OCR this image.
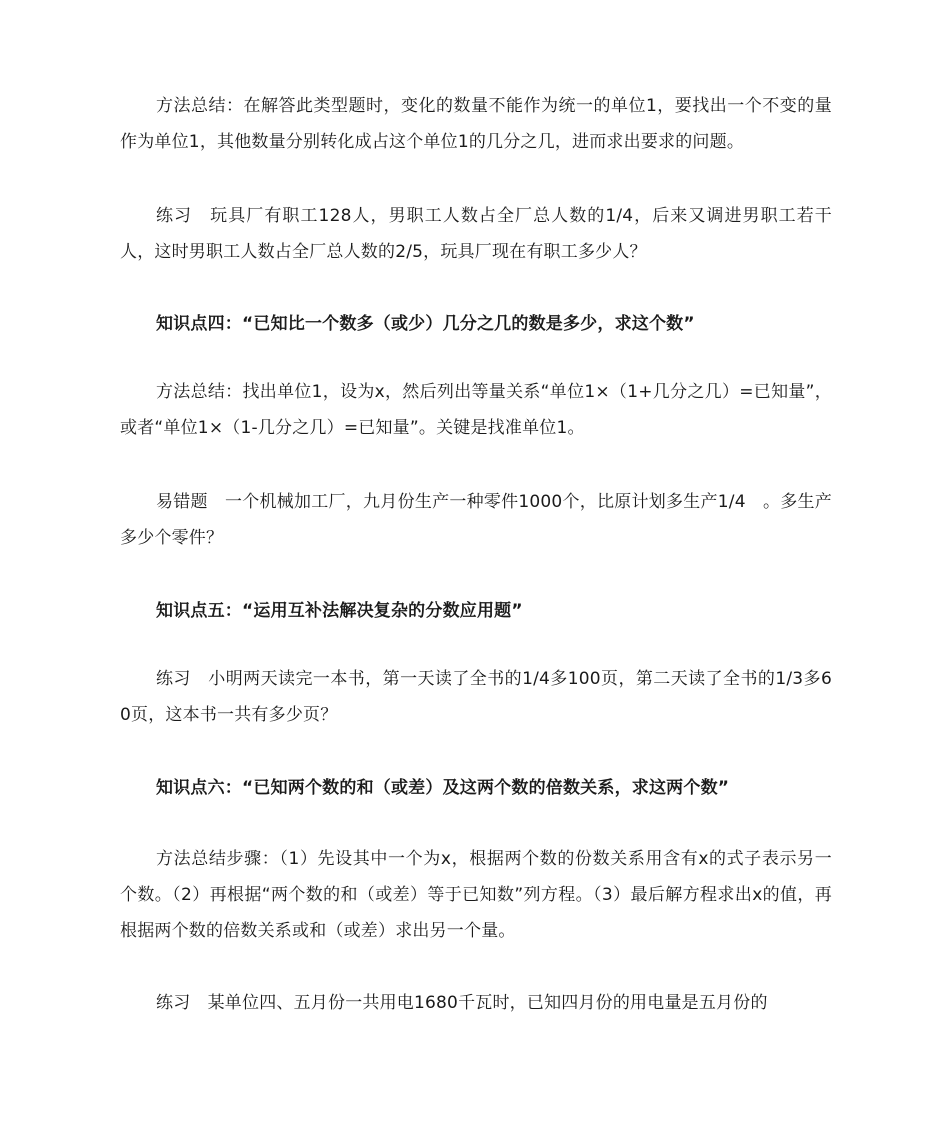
方法总结：在解答此类型题时，变化的数量不能作为统一的单位1，要找出一个不变的量作为单位1，其他数量分别转化成占这个单位1的几分之几，进而求出要求的问题。

练习　玩具厂有职工128人，男职工人数占全厂总人数的1/4，后来又调进男职工若干人，这时男职工人数占全厂总人数的2/5，玩具厂现在有职工多少人？

知识点四：“已知比一个数多（或少）几分之几的数是多少，求这个数”

方法总结：找出单位1，设为x，然后列出等量关系“单位1×（1+几分之几）=已知量”，或者“单位1×（1-几分之几）=已知量”。关键是找准单位1。

易错题　一个机械加工厂，九月份生产一种零件1000个，比原计划多生产1/4　。多生产多少个零件？

知识点五：“运用互补法解决复杂的分数应用题”

练习　小明两天读完一本书，第一天读了全书的1/4多100页，第二天读了全书的1/3多60页，这本书一共有多少页？

知识点六：“已知两个数的和（或差）及这两个数的倍数关系，求这两个数”

方法总结步骤：（1）先设其中一个为x，根据两个数的份数关系用含有x的式子表示另一个数。（2）再根据“两个数的和（或差）等于已知数”列方程。（3）最后解方程求出x的值，再根据两个数的倍数关系或和（或差）求出另一个量。

练习　某单位四、五月份一共用电1680千瓦时，已知四月份的用电量是五月份的
